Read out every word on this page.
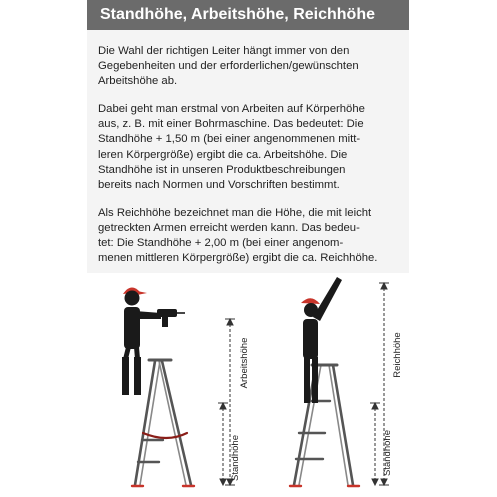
Standhöhe, Arbeitshöhe, Reichhöhe

Die Wahl der richtigen Leiter hängt immer von den
Gegebenheiten und der erforderlichen/gewünschten
Arbeitshöhe ab.

Dabei geht man erstmal von Arbeiten auf Körperhöhe
aus, z. B. mit einer Bohrmaschine. Das bedeutet: Die
Standhöhe + 1,50 m (bei einer angenommenen mitt-
leren Körpergröße) ergibt die ca. Arbeitshöhe. Die
Standhöhe ist in unseren Produktbeschreibungen
bereits nach Normen und Vorschriften bestimmt.

Als Reichhöhe bezeichnet man die Höhe, die mit leicht
getreckten Armen erreicht werden kann. Das bedeu-
tet: Die Standhöhe + 2,00 m (bei einer angenom-
menen mittleren Körpergröße) ergibt die ca. Reichhöhe.

Arbeitshöhe
Standhöhe
Reichhöhe
Standhöhe
